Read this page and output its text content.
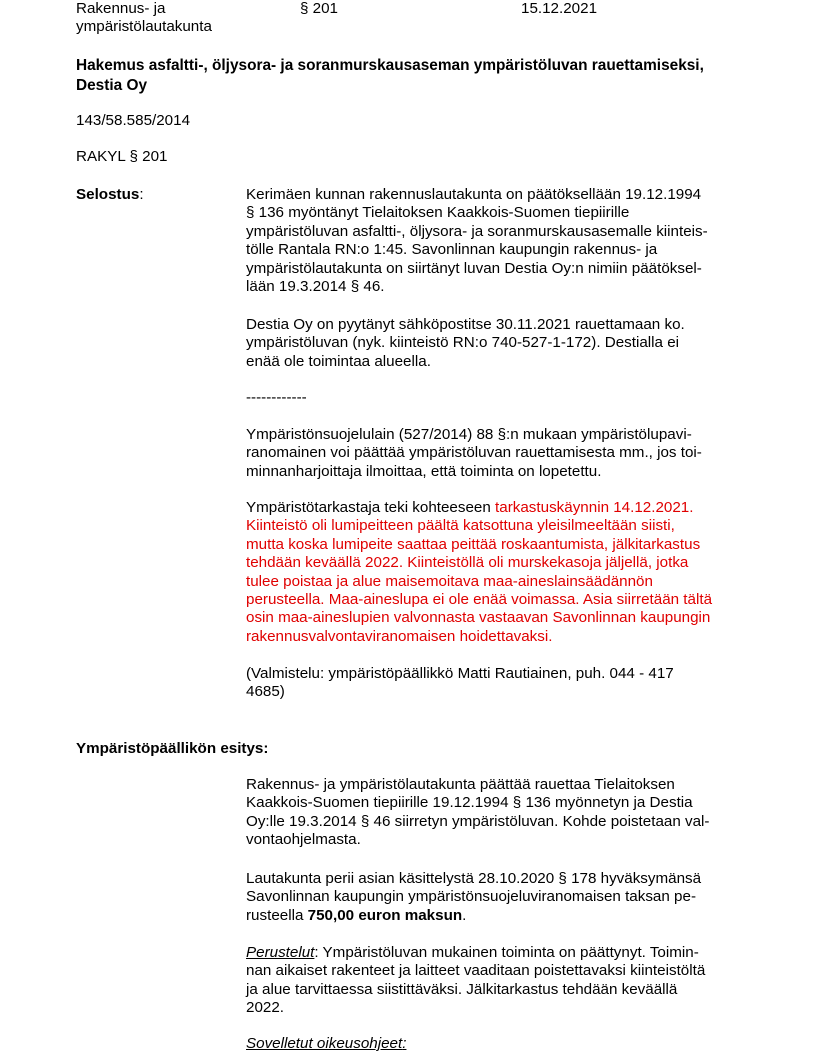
Rakennus- ja
ympäristölautakunta
§ 201	15.12.2021
Hakemus asfaltti-, öljysora- ja soranmurskausaseman ympäristöluvan rauettamiseksi,
Destia Oy
143/58.585/2014
RAKYL § 201
Selostus:	Kerimäen kunnan rakennuslautakunta on päätöksellään 19.12.1994
§ 136 myöntänyt Tielaitoksen Kaakkois-Suomen tiepiirille
ympäristöluvan asfaltti-, öljysora- ja soranmurskausasemalle kiinteis-
tölle Rantala RN:o 1:45. Savonlinnan kaupungin rakennus- ja
ympäristölautakunta on siirtänyt luvan Destia Oy:n nimiin päätöksel-
lään 19.3.2014 § 46.
Destia Oy on pyytänyt sähköpostitse 30.11.2021 rauettamaan ko.
ympäristöluvan (nyk. kiinteistö RN:o 740-527-1-172). Destialla ei
enää ole toimintaa alueella.
------------
Ympäristönsuojelulain (527/2014) 88 §:n mukaan ympäristölupavi-
ranomainen voi päättää ympäristöluvan rauettamisesta mm., jos toi-
minnanharjoittaja ilmoittaa, että toiminta on lopetettu.
Ympäristötarkastaja teki kohteeseen tarkastuskäynnin 14.12.2021.
Kiinteistö oli lumipeitteen päältä katsottuna yleisilmeeltään siisti,
mutta koska lumipeite saattaa peittää roskaantumista, jälkitarkastus
tehdään keväällä 2022. Kiinteistöllä oli murskekasoja jäljellä, jotka
tulee poistaa ja alue maisemoitava maa-aineslainsäädännön
perusteella. Maa-aineslupa ei ole enää voimassa. Asia siirretään tältä
osin maa-aineslupien valvonnasta vastaavan Savonlinnan kaupungin
rakennusvalvontaviranomaisen hoidettavaksi.
(Valmistelu: ympäristöpäällikkö Matti Rautiainen, puh. 044 - 417
4685)
Ympäristöpäällikön esitys:
Rakennus- ja ympäristölautakunta päättää rauettaa Tielaitoksen
Kaakkois-Suomen tiepiirille 19.12.1994 § 136 myönnetyn ja Destia
Oy:lle 19.3.2014 § 46 siirretyn ympäristöluvan. Kohde poistetaan val-
vontaohjelmasta.
Lautakunta perii asian käsittelystä 28.10.2020 § 178 hyväksymänsä
Savonlinnan kaupungin ympäristönsuojeluviranomaisen taksan pe-
rusteella 750,00 euron maksun.
Perustelut: Ympäristöluvan mukainen toiminta on päättynyt. Toimin-
nan aikaiset rakenteet ja laitteet vaaditaan poistettavaksi kiinteistöltä
ja alue tarvittaessa siistittäväksi. Jälkitarkastus tehdään keväällä
2022.
Sovelletut oikeusohjeet:
